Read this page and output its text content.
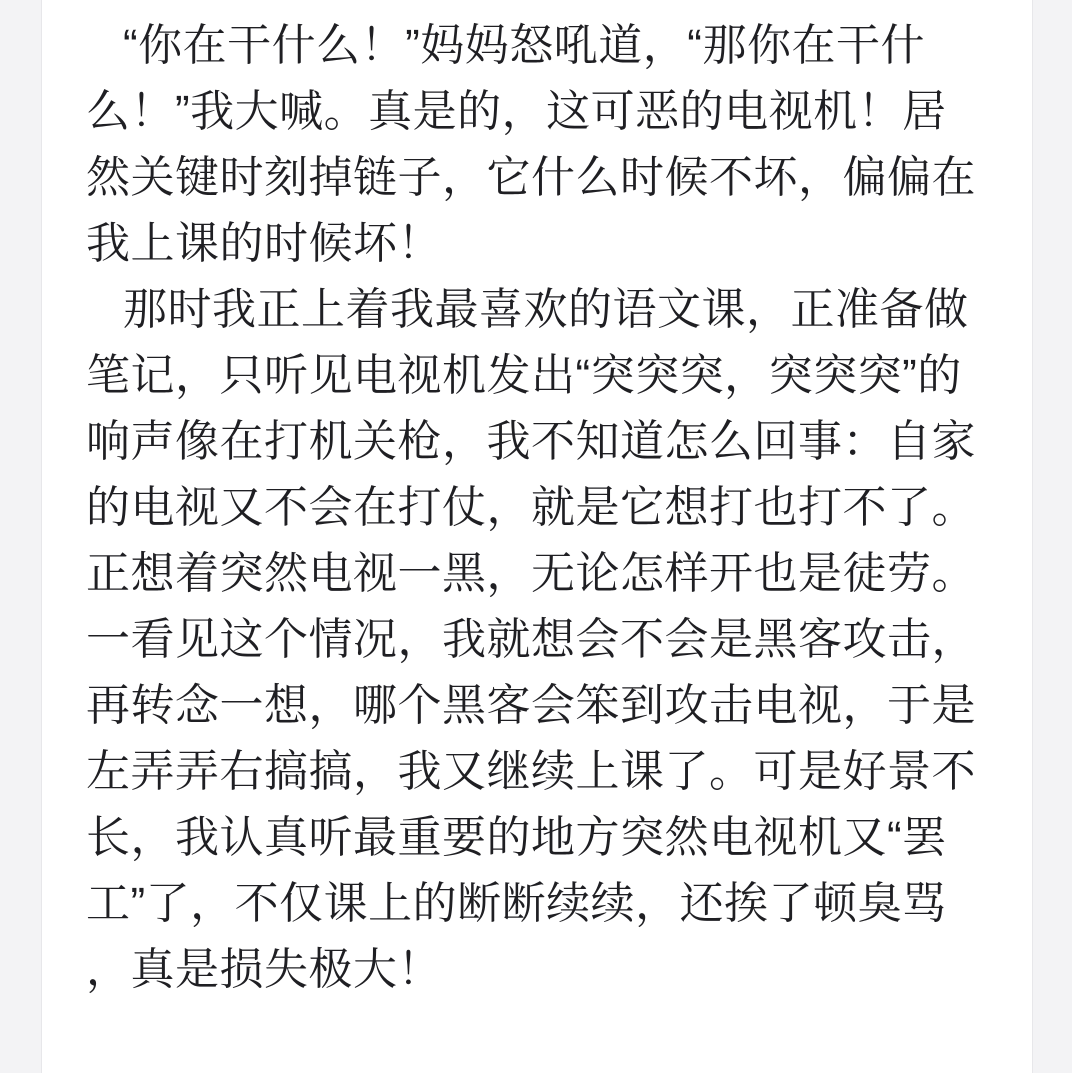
“你在干什么！”妈妈怒吼道，“那你在干什
么！”我大喊。真是的，这可恶的电视机！居
然关键时刻掉链子，它什么时候不坏，偏偏在
我上课的时候坏！
那时我正上着我最喜欢的语文课，正准备做
笔记，只听见电视机发出“突突突，突突突”的
响声像在打机关枪，我不知道怎么回事：自家
的电视又不会在打仗，就是它想打也打不了。
正想着突然电视一黑，无论怎样开也是徒劳。
一看见这个情况，我就想会不会是黑客攻击，
再转念一想，哪个黑客会笨到攻击电视，于是
左弄弄右搞搞，我又继续上课了。可是好景不
长，我认真听最重要的地方突然电视机又“罢
工”了，不仅课上的断断续续，还挨了顿臭骂
，真是损失极大！
